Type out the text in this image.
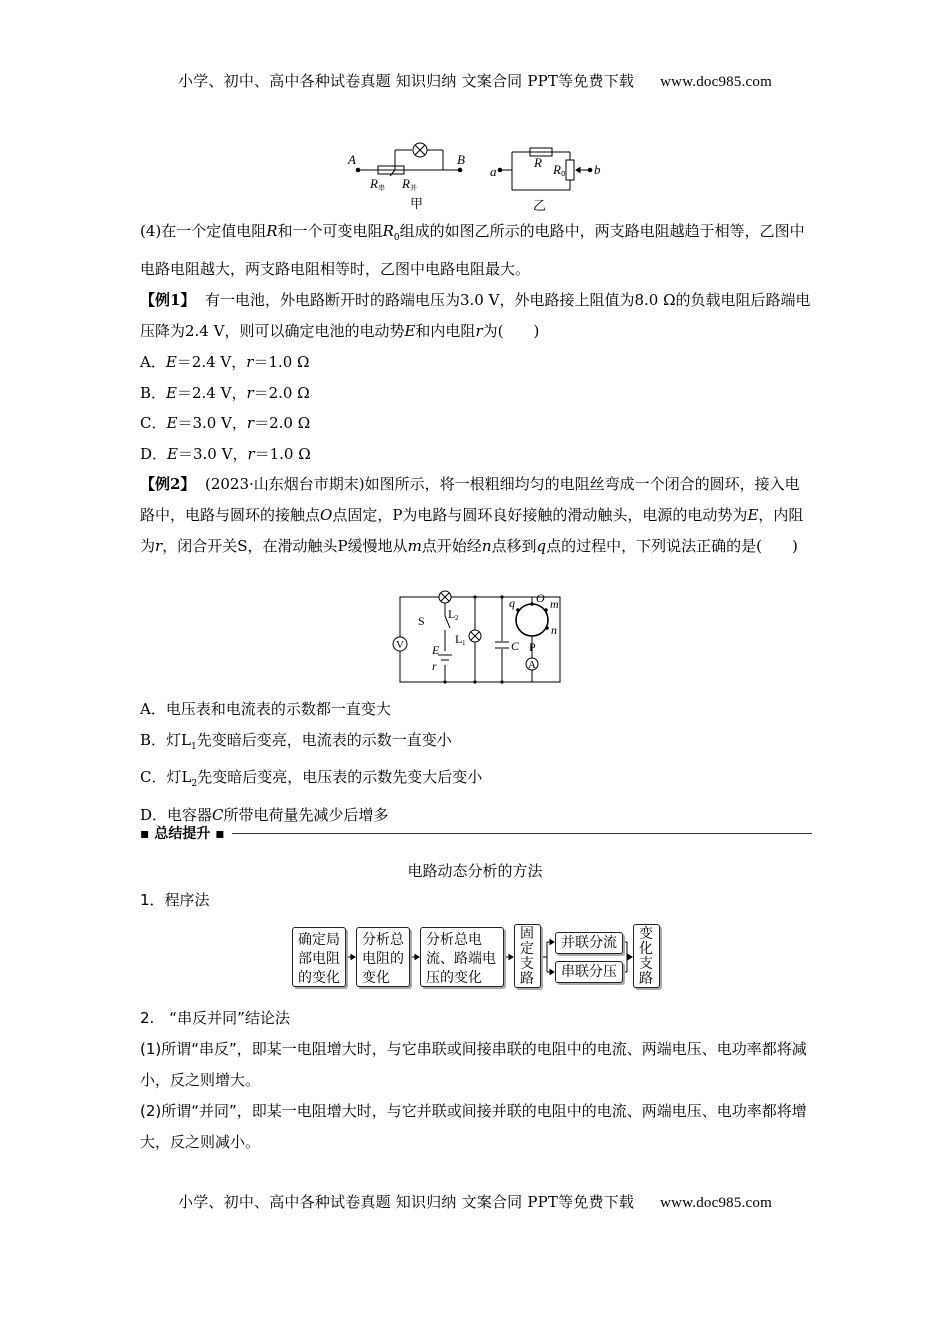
小学、初中、高中各种试卷真题 知识归纳 文案合同 PPT等免费下载 www.doc985.com
A	B
R R
a	b
R R
串	并
0
甲	乙

(4)在一个定值电阻R和一个可变电阻$R_0$组成的如图乙所示的电路中，两支路电阻越趋于相等，乙图中电路电阻越大，两支路电阻相等时，乙图中电路电阻最大。

【例1】 有一电池，外电路断开时的路端电压为3.0 V，外电路接上阻值为8.0 Ω的负载电阻后路端电压降为2.4 V，则可以确定电池的电动势E和内电阻r为(　　)

A．E＝2.4 V，r＝1.0 Ω

B．E＝2.4 V，r＝2.0 Ω

C．E＝3.0 V，r＝2.0 Ω

D．E＝3.0 V，r＝1.0 Ω

【例2】 (2023·山东烟台市期末)如图所示，将一根粗细均匀的电阻丝弯成一个闭合的圆环，接入电路中，电路与圆环的接触点O点固定，P为电路与圆环良好接触的滑动触头，电源的电动势为E，内阻为r，闭合开关S，在滑动触头P缓慢地从m点开始经n点移到q点的过程中，下列说法正确的是(　　)

V
A
S L 2
L 1	P
E
r
C
q O m
n

A．电压表和电流表的示数都一直变大

B．灯$L_1$先变暗后变亮，电流表的示数一直变小

C．灯$L_2$先变暗后变亮，电压表的示数先变大后变小

D．电容器C所带电荷量先减少后增多

▪ 总结提升 ▪
电路动态分析的方法
1．程序法
确定局部电阻的变化
分析总电阻的变化
分析总电流、路端电压的变化
固定支路
并联分流
串联分压
变化支路
2.　“串反并同”结论法
(1)所谓“串反”，即某一电阻增大时，与它串联或间接串联的电阻中的电流、两端电压、电功率都将减小，反之则增大。
(2)所谓“并同”，即某一电阻增大时，与它并联或间接并联的电阻中的电流、两端电压、电功率都将增大，反之则减小。
小学、初中、高中各种试卷真题 知识归纳 文案合同 PPT等免费下载 www.doc985.com
